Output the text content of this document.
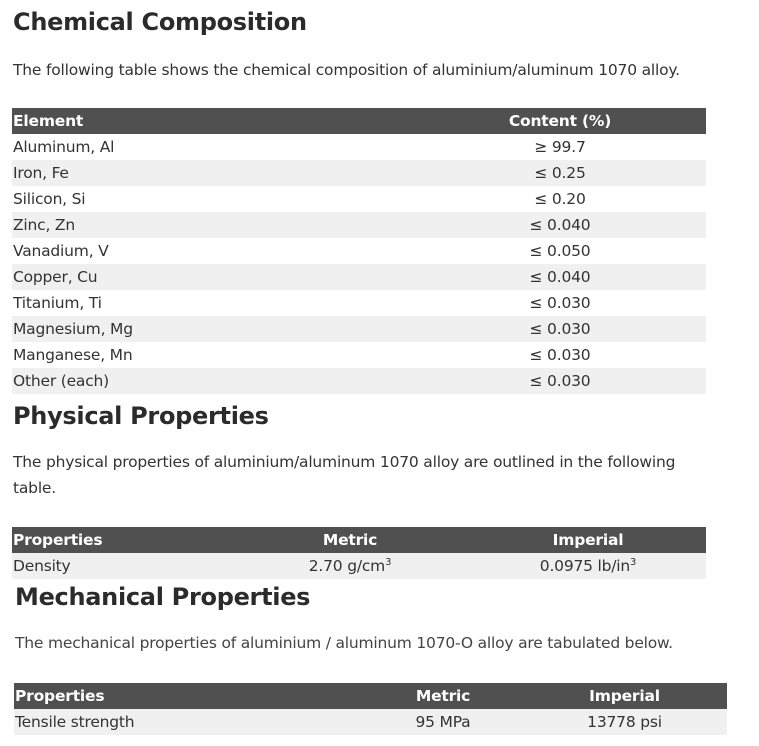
Chemical Composition

The following table shows the chemical composition of aluminium/aluminum 1070 alloy.

Element	Content (%)
Aluminum, Al	≥ 99.7
Iron, Fe	≤ 0.25
Silicon, Si	≤ 0.20
Zinc, Zn	≤ 0.040
Vanadium, V	≤ 0.050
Copper, Cu	≤ 0.040
Titanium, Ti	≤ 0.030
Magnesium, Mg	≤ 0.030
Manganese, Mn	≤ 0.030
Other (each)	≤ 0.030
Physical Properties

The physical properties of aluminium/aluminum 1070 alloy are outlined in the following table.

Properties	Metric	Imperial
Density	2.70 $g/cm^3$	0.0975 $lb/in^3$
Mechanical Properties

The mechanical properties of aluminium / aluminum 1070-O alloy are tabulated below.

Properties	Metric	Imperial
Tensile strength	95 MPa	13778 psi
